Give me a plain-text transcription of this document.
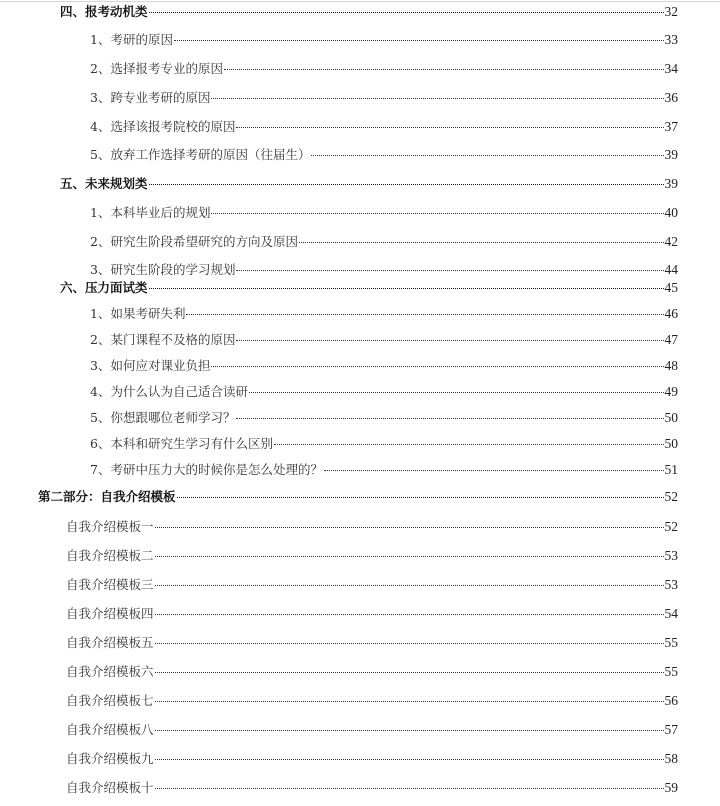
四、报考动机类	32
1、考研的原因	33
2、选择报考专业的原因	34
3、跨专业考研的原因	36
4、选择该报考院校的原因	37
5、放弃工作选择考研的原因（往届生）	39
五、未来规划类	39
1、本科毕业后的规划	40
2、研究生阶段希望研究的方向及原因	42
3、研究生阶段的学习规划	44
六、压力面试类	45
1、如果考研失利	46
2、某门课程不及格的原因	47
3、如何应对课业负担	48
4、为什么认为自己适合读研	49
5、你想跟哪位老师学习？	50
6、本科和研究生学习有什么区别	50
7、考研中压力大的时候你是怎么处理的？	51
第二部分：自我介绍模板	52
自我介绍模板一	52
自我介绍模板二	53
自我介绍模板三	53
自我介绍模板四	54
自我介绍模板五	55
自我介绍模板六	55
自我介绍模板七	56
自我介绍模板八	57
自我介绍模板九	58
自我介绍模板十	59
